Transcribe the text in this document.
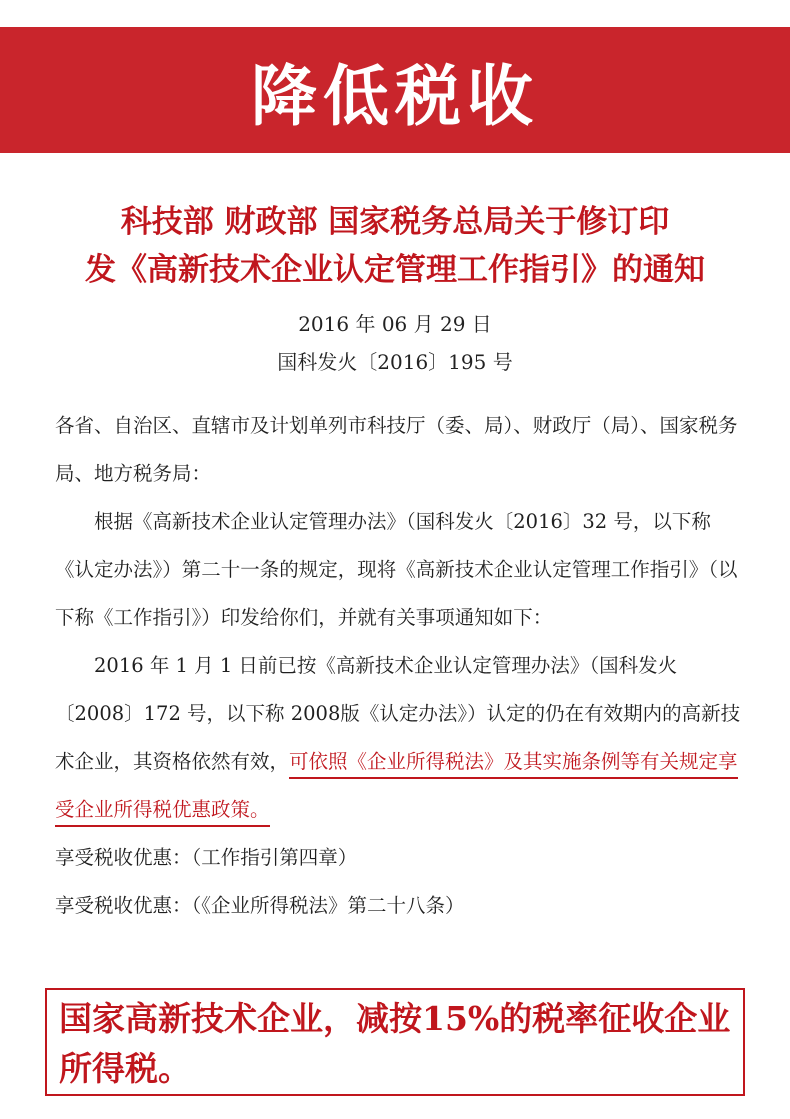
降低税收
科技部 财政部 国家税务总局关于修订印
发《高新技术企业认定管理工作指引》的通知
2016 年 06 月 29 日
国科发火〔2016〕195 号

各省、自治区、直辖市及计划单列市科技厅（委、局）、财政厅（局）、国家税务局、地方税务局：

根据《高新技术企业认定管理办法》（国科发火〔2016〕32 号，以下称《认定办法》）第二十一条的规定，现将《高新技术企业认定管理工作指引》（以下称《工作指引》）印发给你们，并就有关事项通知如下：

2016 年 1 月 1 日前已按《高新技术企业认定管理办法》（国科发火〔2008〕172 号，以下称 2008版《认定办法》）认定的仍在有效期内的高新技术企业，其资格依然有效，可依照《企业所得税法》及其实施条例等有关规定享受企业所得税优惠政策。

享受税收优惠：（工作指引第四章）

享受税收优惠：（《企业所得税法》第二十八条）

国家高新技术企业，减按15%的税率征收企业所得税。
